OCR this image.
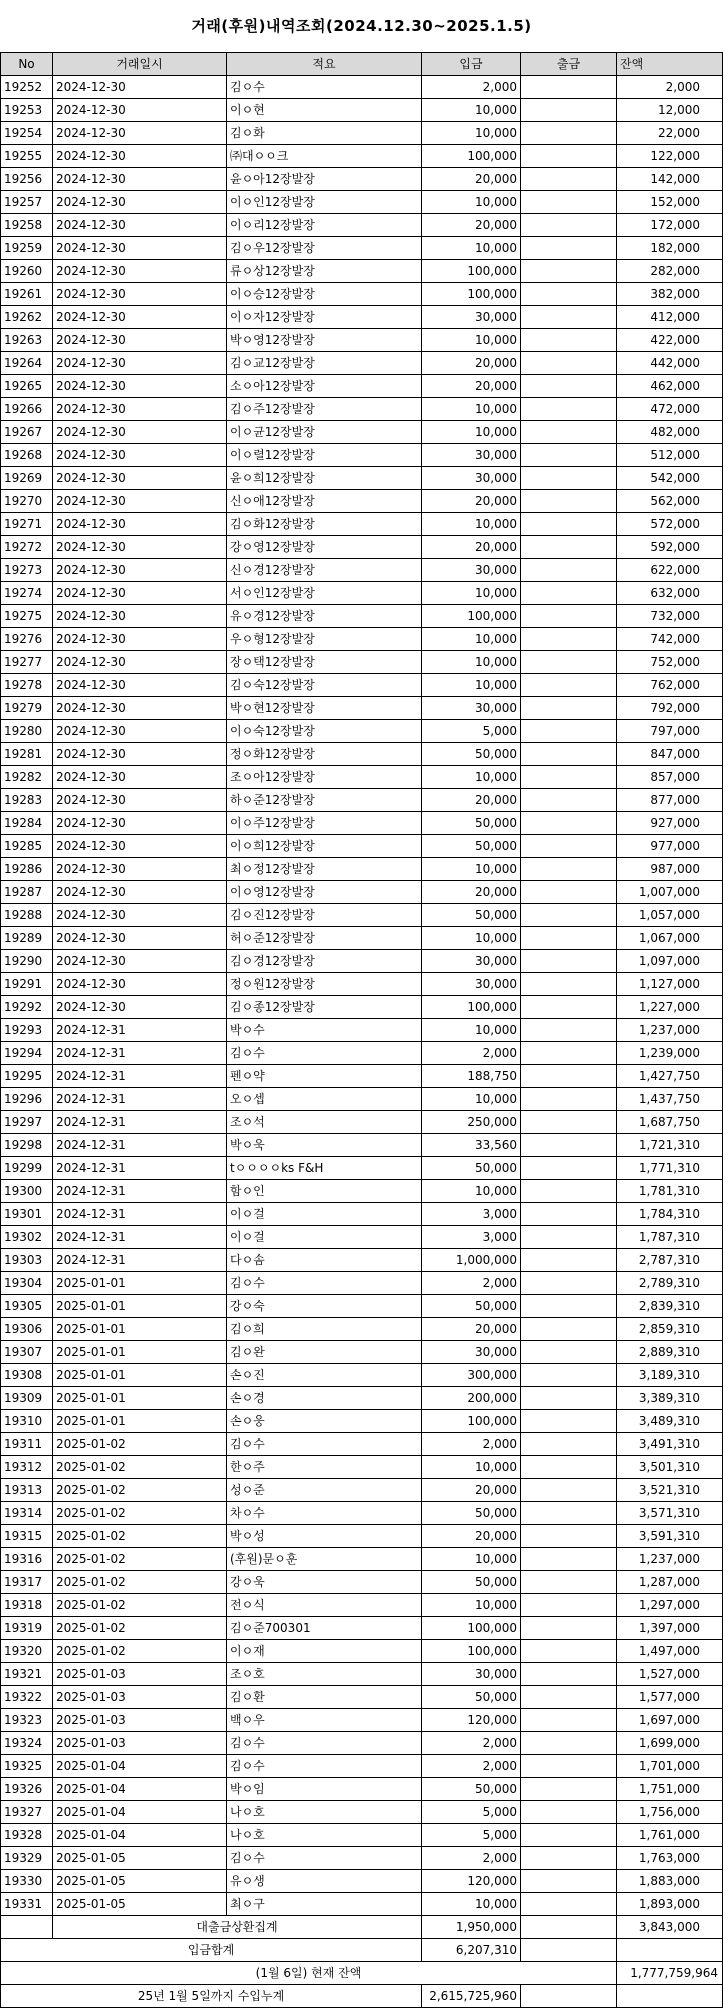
거래(후원)내역조회(2024.12.30~2025.1.5)
No	거래일시	적요	입금	출금	잔액
19252	2024-12-30	김ㅇ수	2,000		2,000
19253	2024-12-30	이ㅇ현	10,000		12,000
19254	2024-12-30	김ㅇ화	10,000		22,000
19255	2024-12-30	㈜대ㅇㅇ크	100,000		122,000
19256	2024-12-30	윤ㅇ아12장발장	20,000		142,000
19257	2024-12-30	이ㅇ인12장발장	10,000		152,000
19258	2024-12-30	이ㅇ리12장발장	20,000		172,000
19259	2024-12-30	김ㅇ우12장발장	10,000		182,000
19260	2024-12-30	류ㅇ상12장발장	100,000		282,000
19261	2024-12-30	이ㅇ승12장발장	100,000		382,000
19262	2024-12-30	이ㅇ자12장발장	30,000		412,000
19263	2024-12-30	박ㅇ영12장발장	10,000		422,000
19264	2024-12-30	김ㅇ교12장발장	20,000		442,000
19265	2024-12-30	소ㅇ아12장발장	20,000		462,000
19266	2024-12-30	김ㅇ주12장발장	10,000		472,000
19267	2024-12-30	이ㅇ균12장발장	10,000		482,000
19268	2024-12-30	이ㅇ렬12장발장	30,000		512,000
19269	2024-12-30	윤ㅇ희12장발장	30,000		542,000
19270	2024-12-30	신ㅇ애12장발장	20,000		562,000
19271	2024-12-30	김ㅇ화12장발장	10,000		572,000
19272	2024-12-30	강ㅇ영12장발장	20,000		592,000
19273	2024-12-30	신ㅇ경12장발장	30,000		622,000
19274	2024-12-30	서ㅇ인12장발장	10,000		632,000
19275	2024-12-30	유ㅇ경12장발장	100,000		732,000
19276	2024-12-30	우ㅇ형12장발장	10,000		742,000
19277	2024-12-30	장ㅇ택12장발장	10,000		752,000
19278	2024-12-30	김ㅇ숙12장발장	10,000		762,000
19279	2024-12-30	박ㅇ현12장발장	30,000		792,000
19280	2024-12-30	이ㅇ숙12장발장	5,000		797,000
19281	2024-12-30	정ㅇ화12장발장	50,000		847,000
19282	2024-12-30	조ㅇ아12장발장	10,000		857,000
19283	2024-12-30	하ㅇ준12장발장	20,000		877,000
19284	2024-12-30	이ㅇ주12장발장	50,000		927,000
19285	2024-12-30	이ㅇ희12장발장	50,000		977,000
19286	2024-12-30	최ㅇ정12장발장	10,000		987,000
19287	2024-12-30	이ㅇ영12장발장	20,000		1,007,000
19288	2024-12-30	김ㅇ진12장발장	50,000		1,057,000
19289	2024-12-30	허ㅇ준12장발장	10,000		1,067,000
19290	2024-12-30	김ㅇ경12장발장	30,000		1,097,000
19291	2024-12-30	정ㅇ원12장발장	30,000		1,127,000
19292	2024-12-30	김ㅇ종12장발장	100,000		1,227,000
19293	2024-12-31	박ㅇ수	10,000		1,237,000
19294	2024-12-31	김ㅇ수	2,000		1,239,000
19295	2024-12-31	펜ㅇ약	188,750		1,427,750
19296	2024-12-31	오ㅇ셉	10,000		1,437,750
19297	2024-12-31	조ㅇ석	250,000		1,687,750
19298	2024-12-31	박ㅇ욱	33,560		1,721,310
19299	2024-12-31	tㅇㅇㅇㅇks F&H	50,000		1,771,310
19300	2024-12-31	함ㅇ인	10,000		1,781,310
19301	2024-12-31	이ㅇ걸	3,000		1,784,310
19302	2024-12-31	이ㅇ걸	3,000		1,787,310
19303	2024-12-31	다ㅇ솜	1,000,000		2,787,310
19304	2025-01-01	김ㅇ수	2,000		2,789,310
19305	2025-01-01	강ㅇ숙	50,000		2,839,310
19306	2025-01-01	김ㅇ희	20,000		2,859,310
19307	2025-01-01	김ㅇ완	30,000		2,889,310
19308	2025-01-01	손ㅇ진	300,000		3,189,310
19309	2025-01-01	손ㅇ경	200,000		3,389,310
19310	2025-01-01	손ㅇ웅	100,000		3,489,310
19311	2025-01-02	김ㅇ수	2,000		3,491,310
19312	2025-01-02	한ㅇ주	10,000		3,501,310
19313	2025-01-02	성ㅇ준	20,000		3,521,310
19314	2025-01-02	차ㅇ수	50,000		3,571,310
19315	2025-01-02	박ㅇ성	20,000		3,591,310
19316	2025-01-02	(후원)문ㅇ훈	10,000		1,237,000
19317	2025-01-02	강ㅇ욱	50,000		1,287,000
19318	2025-01-02	전ㅇ식	10,000		1,297,000
19319	2025-01-02	김ㅇ준700301	100,000		1,397,000
19320	2025-01-02	이ㅇ재	100,000		1,497,000
19321	2025-01-03	조ㅇ호	30,000		1,527,000
19322	2025-01-03	김ㅇ환	50,000		1,577,000
19323	2025-01-03	백ㅇ우	120,000		1,697,000
19324	2025-01-03	김ㅇ수	2,000		1,699,000
19325	2025-01-04	김ㅇ수	2,000		1,701,000
19326	2025-01-04	박ㅇ임	50,000		1,751,000
19327	2025-01-04	나ㅇ호	5,000		1,756,000
19328	2025-01-04	나ㅇ호	5,000		1,761,000
19329	2025-01-05	김ㅇ수	2,000		1,763,000
19330	2025-01-05	유ㅇ생	120,000		1,883,000
19331	2025-01-05	최ㅇ구	10,000		1,893,000
	대출금상환집계		1,950,000		3,843,000
입금합계			6,207,310		
(1월 6일) 현재 잔액					1,777,759,964
25년 1월 5일까지 수입누계			2,615,725,960		
